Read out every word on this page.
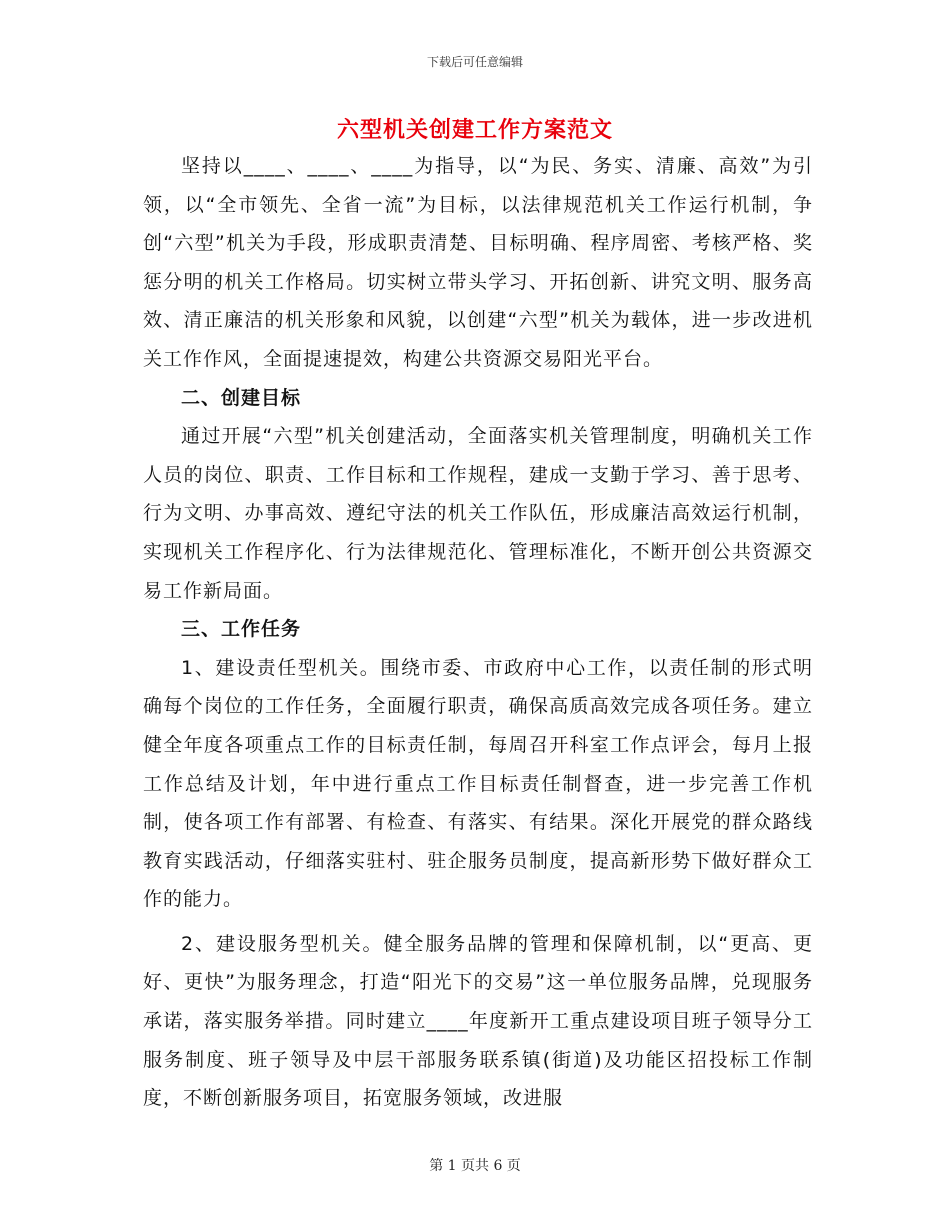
下载后可任意编辑
六型机关创建工作方案范文

坚持以____、____、____为指导，以“为民、务实、清廉、高效”为引领，以“全市领先、全省一流”为目标，以法律规范机关工作运行机制，争创“六型”机关为手段，形成职责清楚、目标明确、程序周密、考核严格、奖惩分明的机关工作格局。切实树立带头学习、开拓创新、讲究文明、服务高效、清正廉洁的机关形象和风貌，以创建“六型”机关为载体，进一步改进机关工作作风，全面提速提效，构建公共资源交易阳光平台。

二、创建目标

通过开展“六型”机关创建活动，全面落实机关管理制度，明确机关工作人员的岗位、职责、工作目标和工作规程，建成一支勤于学习、善于思考、行为文明、办事高效、遵纪守法的机关工作队伍，形成廉洁高效运行机制，实现机关工作程序化、行为法律规范化、管理标准化，不断开创公共资源交易工作新局面。

三、工作任务

1、建设责任型机关。围绕市委、市政府中心工作，以责任制的形式明确每个岗位的工作任务，全面履行职责，确保高质高效完成各项任务。建立健全年度各项重点工作的目标责任制，每周召开科室工作点评会，每月上报工作总结及计划，年中进行重点工作目标责任制督查，进一步完善工作机制，使各项工作有部署、有检查、有落实、有结果。深化开展党的群众路线教育实践活动，仔细落实驻村、驻企服务员制度，提高新形势下做好群众工作的能力。

2、建设服务型机关。健全服务品牌的管理和保障机制，以“更高、更好、更快”为服务理念，打造“阳光下的交易”这一单位服务品牌，兑现服务承诺，落实服务举措。同时建立____年度新开工重点建设项目班子领导分工服务制度、班子领导及中层干部服务联系镇(街道)及功能区招投标工作制度，不断创新服务项目，拓宽服务领域，改进服

第 1 页共 6 页
